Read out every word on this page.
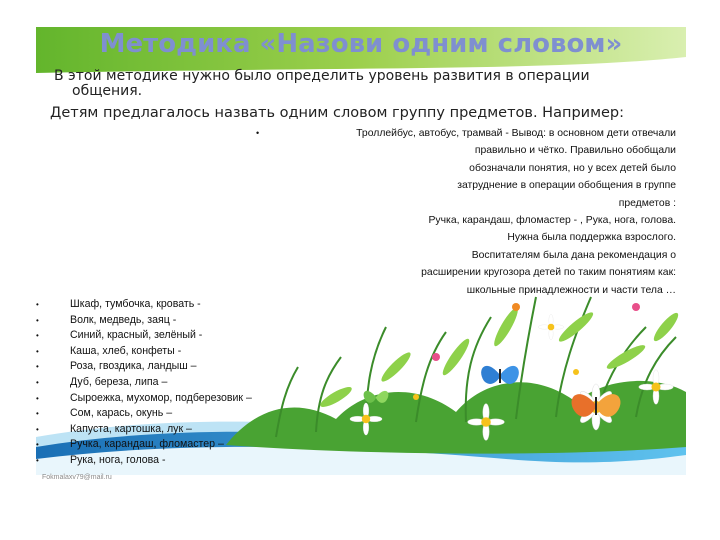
Методика «Назови одним словом»
В этой методике нужно было определить уровень развития в операции
общения.
Детям предлагалось назвать одним словом группу предметов. Например:
•	Троллейбус, автобус, трамвай - Вывод: в основном дети отвечали
правильно и чётко. Правильно обобщали
обозначали понятия, но у всех детей было
затруднение в операции обобщения в группе
предметов :
Ручка, карандаш, фломастер - , Рука, нога, голова.
Нужна была поддержка взрослого.
Воспитателям была дана рекомендация о
расширении кругозора детей по таким понятиям как:
школьные принадлежности и части тела …
•	Шкаф, тумбочка, кровать -
•	Волк, медведь, заяц -
•	Синий, красный, зелёный -
•	Каша, хлеб, конфеты -
•	Роза, гвоздика, ландыш –
•	Дуб, береза, липа –
•	Сыроежка, мухомор, подберезовик –
•	Сом, карась, окунь –
•	Капуста, картошка, лук –
•	Ручка, карандаш, фломастер –
•	Рука, нога, голова -
Fokmalaxv79@mail.ru
